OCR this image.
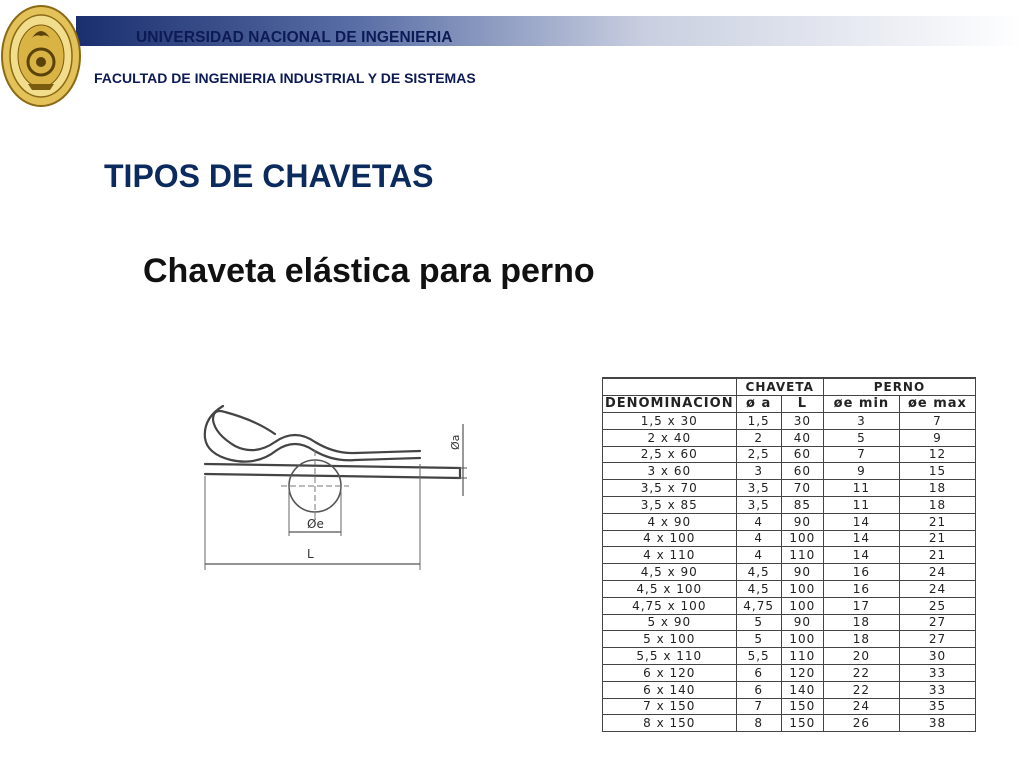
UNIVERSIDAD NACIONAL DE INGENIERIA
FACULTAD DE INGENIERIA INDUSTRIAL Y DE SISTEMAS
TIPOS DE CHAVETAS
Chaveta elástica para perno
Øe
L
Øa
	CHAVETA		PERNO	
DENOMINACION	ø a	L	øe min	øe max
1,5 x 30	1,5	30	3	7
2 x 40	2	40	5	9
2,5 x 60	2,5	60	7	12
3 x 60	3	60	9	15
3,5 x 70	3,5	70	11	18
3,5 x 85	3,5	85	11	18
4 x 90	4	90	14	21
4 x 100	4	100	14	21
4 x 110	4	110	14	21
4,5 x 90	4,5	90	16	24
4,5 x 100	4,5	100	16	24
4,75 x 100	4,75	100	17	25
5 x 90	5	90	18	27
5 x 100	5	100	18	27
5,5 x 110	5,5	110	20	30
6 x 120	6	120	22	33
6 x 140	6	140	22	33
7 x 150	7	150	24	35
8 x 150	8	150	26	38
